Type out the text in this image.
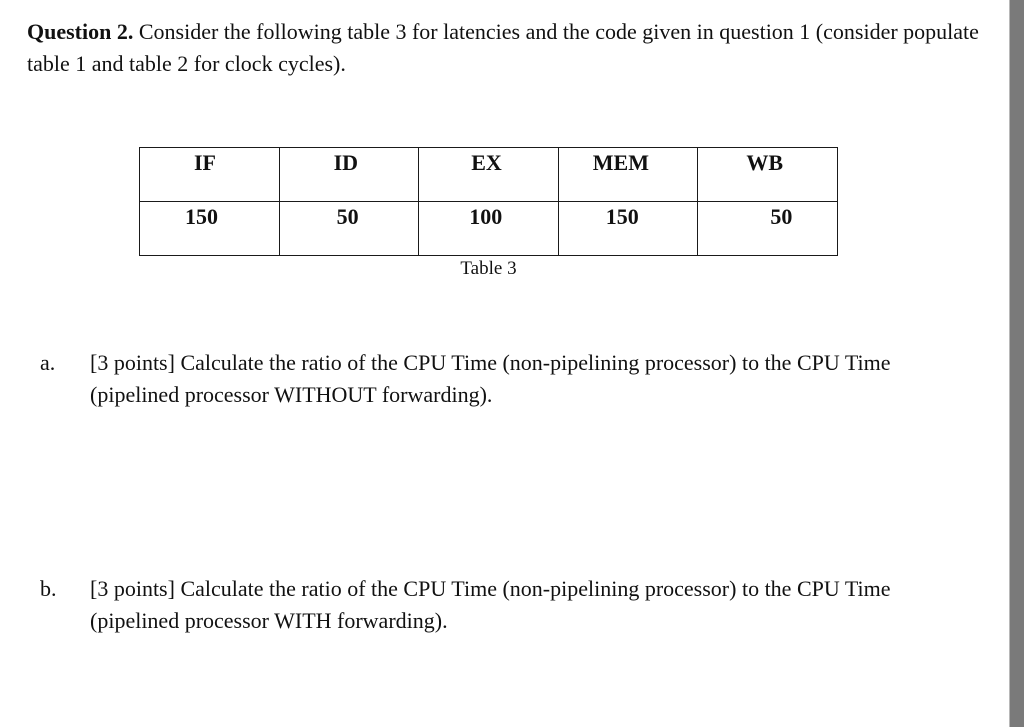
Question 2. Consider the following table 3 for latencies and the code given in question 1 (consider populate table 1 and table 2 for clock cycles).
IF	ID	EX	MEM	WB
150	50	100	150	50
Table 3
a. [3 points] Calculate the ratio of the CPU Time (non-pipelining processor) to the CPU Time (pipelined processor WITHOUT forwarding).
b. [3 points] Calculate the ratio of the CPU Time (non-pipelining processor) to the CPU Time (pipelined processor WITH forwarding).
